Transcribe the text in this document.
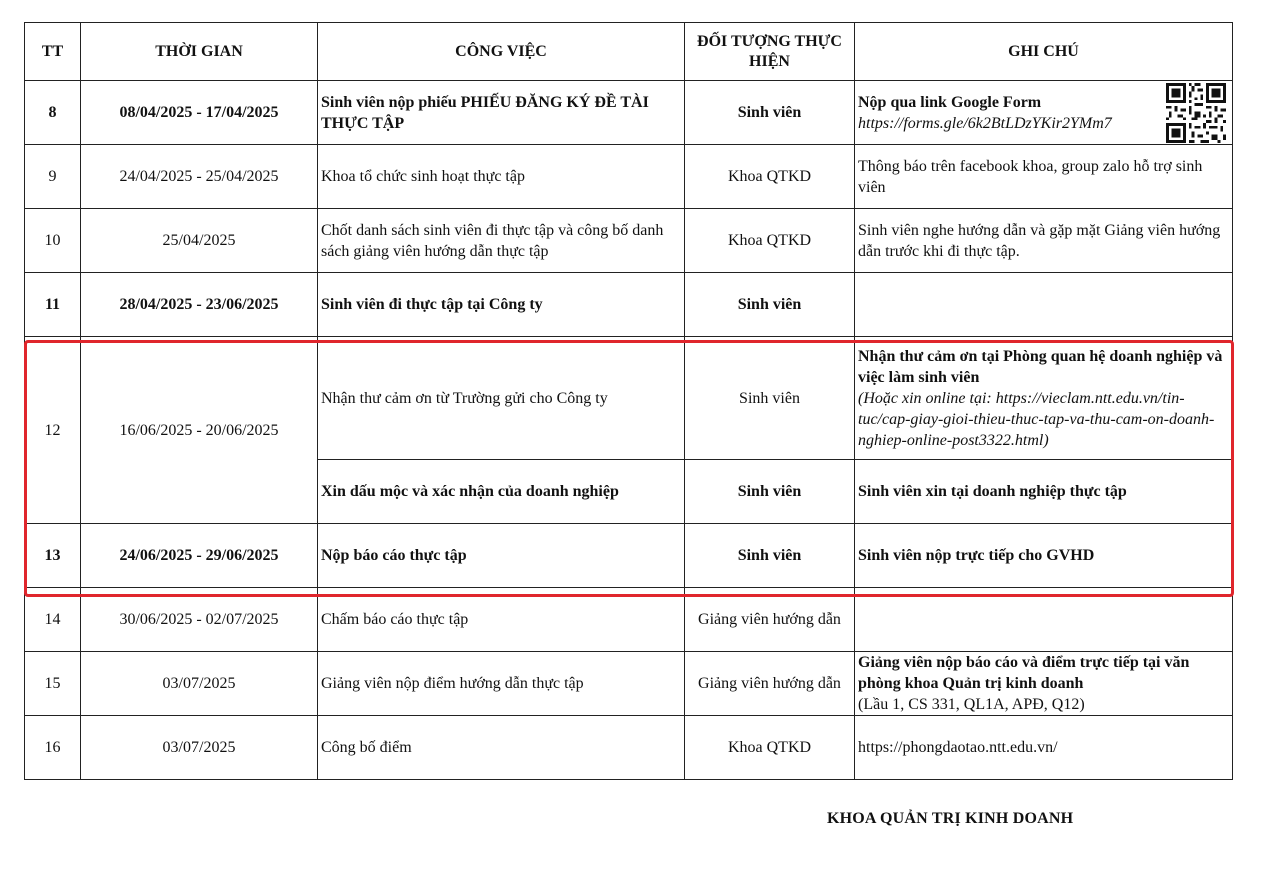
TT	THỜI GIAN	CÔNG VIỆC	ĐỐI TƯỢNG THỰC HIỆN	GHI CHÚ
8	08/04/2025 - 17/04/2025	Sinh viên nộp phiếu PHIẾU ĐĂNG KÝ ĐỀ TÀI THỰC TẬP	Sinh viên	Nộp qua link Google Form
https://forms.gle/6k2BtLDzYKir2YMm7

9	24/04/2025 - 25/04/2025	Khoa tổ chức sinh hoạt thực tập	Khoa QTKD	Thông báo trên facebook khoa, group zalo hỗ trợ sinh viên
10	25/04/2025	Chốt danh sách sinh viên đi thực tập và công bố danh sách giảng viên hướng dẫn thực tập	Khoa QTKD	Sinh viên nghe hướng dẫn và gặp mặt Giảng viên hướng dẫn trước khi đi thực tập.
11	28/04/2025 - 23/06/2025	Sinh viên đi thực tập tại Công ty	Sinh viên	
12	16/06/2025 - 20/06/2025	Nhận thư cảm ơn từ Trường gửi cho Công ty	Sinh viên	Nhận thư cảm ơn tại Phòng quan hệ doanh nghiệp và việc làm sinh viên
(Hoặc xin online tại: https://vieclam.ntt.edu.vn/tin-tuc/cap-giay-gioi-thieu-thuc-tap-va-thu-cam-on-doanh-nghiep-online-post3322.html)

		Xin dấu mộc và xác nhận của doanh nghiệp	Sinh viên	Sinh viên xin tại doanh nghiệp thực tập
13	24/06/2025 - 29/06/2025	Nộp báo cáo thực tập	Sinh viên	Sinh viên nộp trực tiếp cho GVHD
14	30/06/2025 - 02/07/2025	Chấm báo cáo thực tập	Giảng viên hướng dẫn	
15	03/07/2025	Giảng viên nộp điểm hướng dẫn thực tập	Giảng viên hướng dẫn	Giảng viên nộp báo cáo và điểm trực tiếp tại văn phòng khoa Quản trị kinh doanh
(Lầu 1, CS 331, QL1A, APĐ, Q12)

16	03/07/2025	Công bố điểm	Khoa QTKD	https://phongdaotao.ntt.edu.vn/
KHOA QUẢN TRỊ KINH DOANH
